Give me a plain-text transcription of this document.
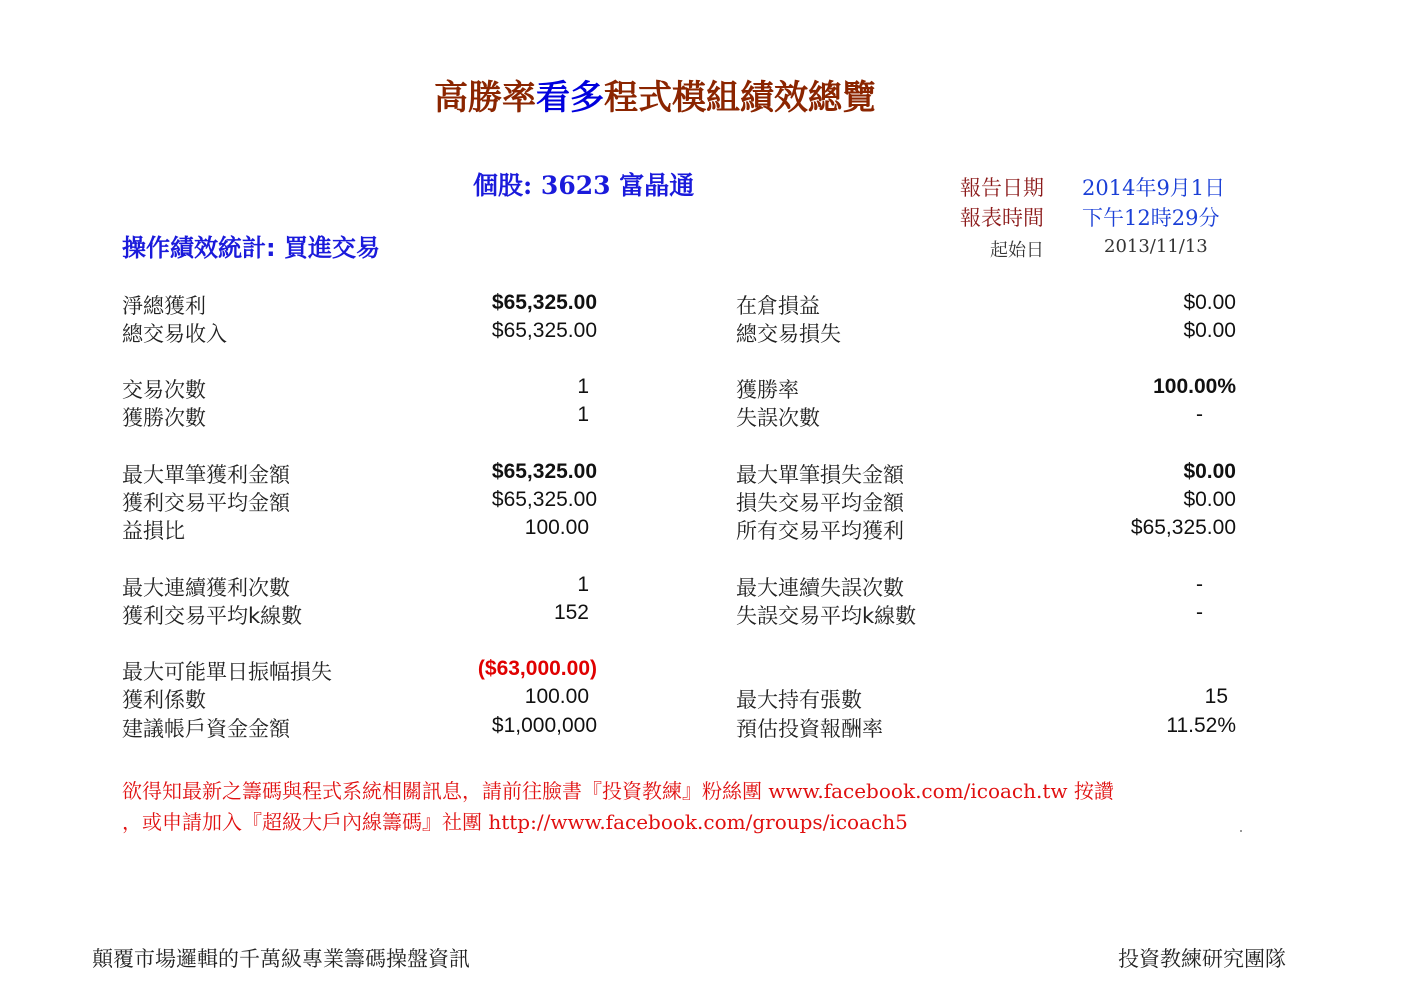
高勝率看多程式模組績效總覽
個股: 3623 富晶通
操作績效統計: 買進交易
報告日期 2014年9月1日
報表時間 下午12時29分
起始日	2013/11/13
淨總獲利
總交易收入
交易次數
獲勝次數
最大單筆獲利金額
獲利交易平均金額
益損比
最大連續獲利次數
獲利交易平均k線數
最大可能單日振幅損失
獲利係數
建議帳戶資金金額
$65,325.00
$65,325.00
1
1
$65,325.00
$65,325.00
100.00
1
152
($63,000.00)
100.00
$1,000,000
在倉損益
總交易損失
獲勝率
失誤次數
最大單筆損失金額
損失交易平均金額
所有交易平均獲利
最大連續失誤次數
失誤交易平均k線數
最大持有張數
預估投資報酬率
$0.00
$0.00
100.00%
-
$0.00
$0.00
$65,325.00
-
-
15
11.52%
欲得知最新之籌碼與程式系統相關訊息，請前往臉書『投資教練』粉絲團 www.facebook.com/icoach.tw 按讚
，或申請加入『超級大戶內線籌碼』社團 http://www.facebook.com/groups/icoach5
顛覆市場邏輯的千萬級專業籌碼操盤資訊	投資教練研究團隊
